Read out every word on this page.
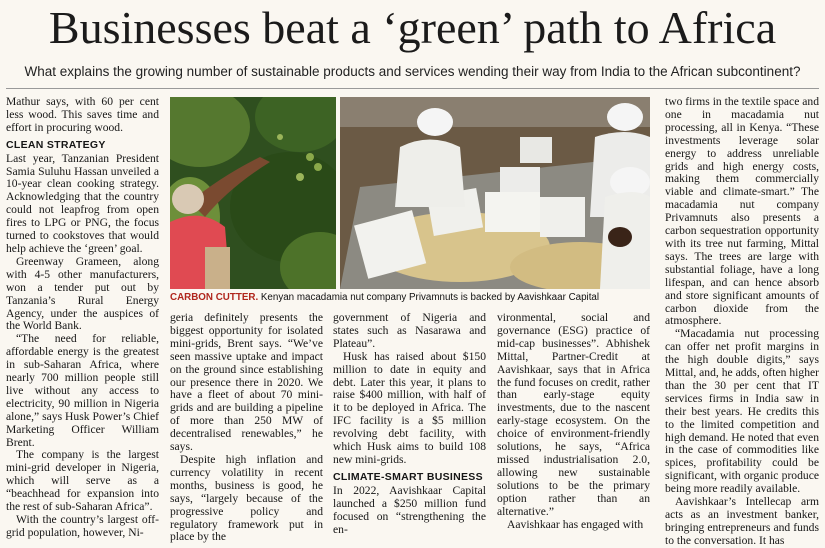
Businesses beat a ‘green’ path to Africa
What explains the growing number of sustainable products and services wending their way from India to the African subcontinent?

Mathur says, with 60 per cent less wood. This saves time and effort in procuring wood.

CLEAN STRATEGY

Last year, Tanzanian President Samia Suluhu Hassan unveiled a 10-year clean cooking strategy. Acknowledging that the country could not leapfrog from open fires to LPG or PNG, the focus turned to cookstoves that would help achieve the ‘green’ goal.

Greenway Grameen, along with 4-5 other manufacturers, won a tender put out by Tanzania’s Rural Energy Agency, under the auspices of the World Bank.

“The need for reliable, affordable energy is the greatest in sub-Saharan Africa, where nearly 700 million people still live without any access to electricity, 90 million in Nigeria alone,” says Husk Power’s Chief Marketing Officer William Brent.

The company is the largest mini-grid developer in Nigeria, which will serve as a “beachhead for expansion into the rest of sub-Saharan Africa”.

With the country’s largest off-grid population, however, Ni-

CARBON CUTTER. Kenyan macadamia nut company Privamnuts is backed by Aavishkaar Capital

geria definitely presents the biggest opportunity for isolated mini-grids, Brent says. “We’ve seen massive uptake and impact on the ground since establishing our presence there in 2020. We have a fleet of about 70 mini-grids and are building a pipeline of more than 250 MW of decentralised renewables,” he says.

Despite high inflation and currency volatility in recent months, business is good, he says, “largely because of the progressive policy and regulatory framework put in place by the

government of Nigeria and states such as Nasarawa and Plateau”.

Husk has raised about $150 million to date in equity and debt. Later this year, it plans to raise $400 million, with half of it to be deployed in Africa. The IFC facility is a $5 million revolving debt facility, with which Husk aims to build 108 new mini-grids.

CLIMATE-SMART BUSINESS

In 2022, Aavishkaar Capital launched a $250 million fund focused on “strengthening the en-

vironmental, social and governance (ESG) practice of mid-cap businesses”. Abhishek Mittal, Partner-Credit at Aavishkaar, says that in Africa the fund focuses on credit, rather than early-stage equity investments, due to the nascent early-stage ecosystem. On the choice of environment-friendly solutions, he says, “Africa missed industrialisation 2.0, allowing new sustainable solutions to be the primary option rather than an alternative.”

Aavishkaar has engaged with

two firms in the textile space and one in macadamia nut processing, all in Kenya. “These investments leverage solar energy to address unreliable grids and high energy costs, making them commercially viable and climate-smart.” The macadamia nut company Privamnuts also presents a carbon sequestration opportunity with its tree nut farming, Mittal says. The trees are large with substantial foliage, have a long lifespan, and can hence absorb and store significant amounts of carbon dioxide from the atmosphere.

“Macadamia nut processing can offer net profit margins in the high double digits,” says Mittal, and, he adds, often higher than the 30 per cent that IT services firms in India saw in their best years. He credits this to the limited competition and high demand. He noted that even in the case of commodities like spices, profitability could be significant, with organic produce being more readily available.

Aavishkaar’s Intellecap arm acts as an investment banker, bringing entrepreneurs and funds to the conversation. It has
